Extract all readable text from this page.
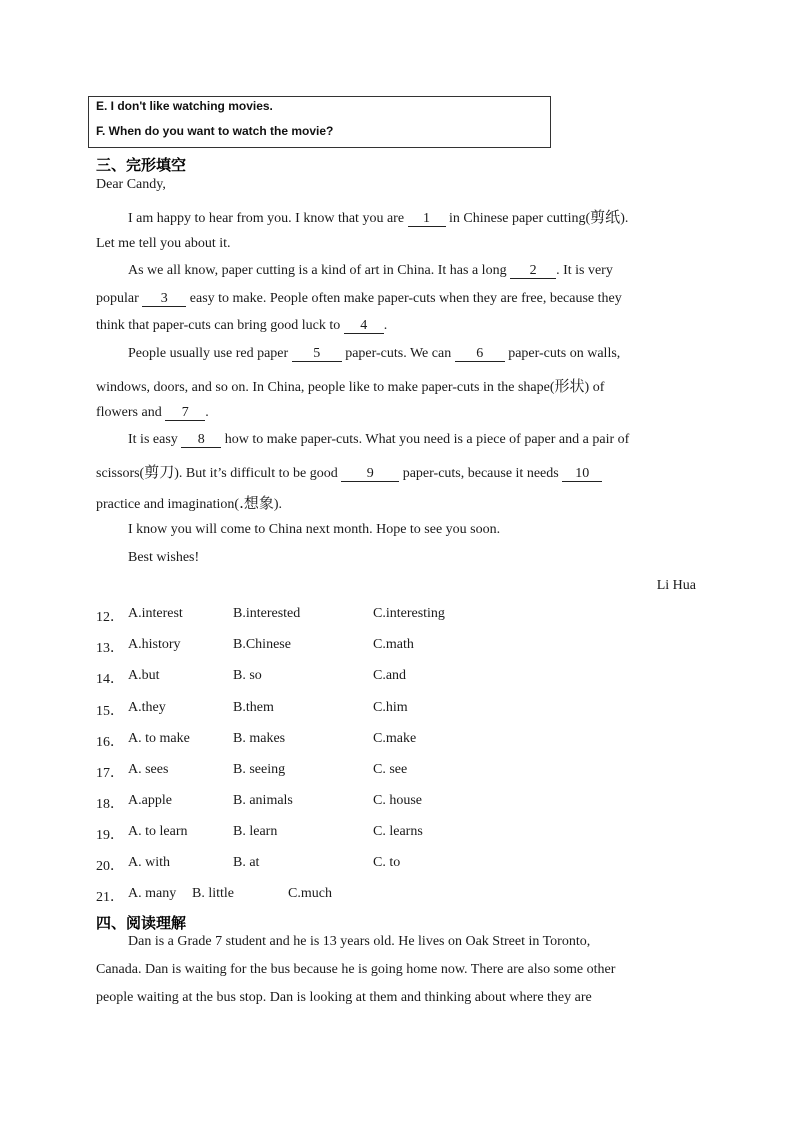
E. I don't like watching movies.
F. When do you want to watch the movie?
三、完形填空
Dear Candy,
I am happy to hear from you. I know that you are 1 in Chinese paper cutting(剪纸).
Let me tell you about it.
As we all know, paper cutting is a kind of art in China. It has a long 2 . It is very
popular 3 easy to make. People often make paper-cuts when they are free, because they
think that paper-cuts can bring good luck to 4 .
People usually use red paper 5 paper-cuts. We can 6 paper-cuts on walls,
windows, doors, and so on. In China, people like to make paper-cuts in the shape(形状) of
flowers and 7 .
It is easy 8 how to make paper-cuts. What you need is a piece of paper and a pair of
scissors(剪刀). But it’s difficult to be good 9 paper-cuts, because it needs 10
practice and imagination(.想象).
I know you will come to China next month. Hope to see you soon.
Best wishes!
Li Hua
12． A.interest	B.interested	C.interesting
13． A.history	B.Chinese	C.math
14． A.but	B. so	C.and
15． A.they	B.them	C.him
16． A. to make	B. makes	C.make
17． A. sees	B. seeing	C. see
18． A.apple	B. animals	C. house
19． A. to learn	B. learn	C. learns
20． A. with	B. at	C. to
21． A. many B. little	C.much
四、阅读理解
Dan is a Grade 7 student and he is 13 years old. He lives on Oak Street in Toronto,
Canada. Dan is waiting for the bus because he is going home now. There are also some other
people waiting at the bus stop. Dan is looking at them and thinking about where they are
